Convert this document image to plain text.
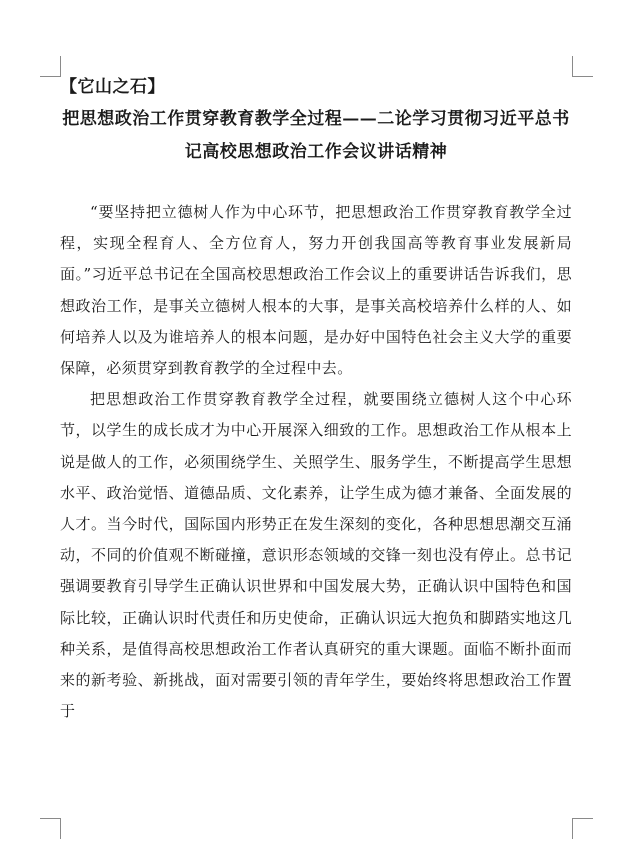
【它山之石】

把思想政治工作贯穿教育教学全过程——二论学习贯彻习近平总书记高校思想政治工作会议讲话精神

“要坚持把立德树人作为中心环节，把思想政治工作贯穿教育教学全过程，实现全程育人、全方位育人，努力开创我国高等教育事业发展新局面。”习近平总书记在全国高校思想政治工作会议上的重要讲话告诉我们，思想政治工作，是事关立德树人根本的大事，是事关高校培养什么样的人、如何培养人以及为谁培养人的根本问题，是办好中国特色社会主义大学的重要保障，必须贯穿到教育教学的全过程中去。

把思想政治工作贯穿教育教学全过程，就要围绕立德树人这个中心环节，以学生的成长成才为中心开展深入细致的工作。思想政治工作从根本上说是做人的工作，必须围绕学生、关照学生、服务学生，不断提高学生思想水平、政治觉悟、道德品质、文化素养，让学生成为德才兼备、全面发展的人才。当今时代，国际国内形势正在发生深刻的变化，各种思想思潮交互涌动，不同的价值观不断碰撞，意识形态领域的交锋一刻也没有停止。总书记强调要教育引导学生正确认识世界和中国发展大势，正确认识中国特色和国际比较，正确认识时代责任和历史使命，正确认识远大抱负和脚踏实地这几种关系，是值得高校思想政治工作者认真研究的重大课题。面临不断扑面而来的新考验、新挑战，面对需要引领的青年学生，要始终将思想政治工作置于
